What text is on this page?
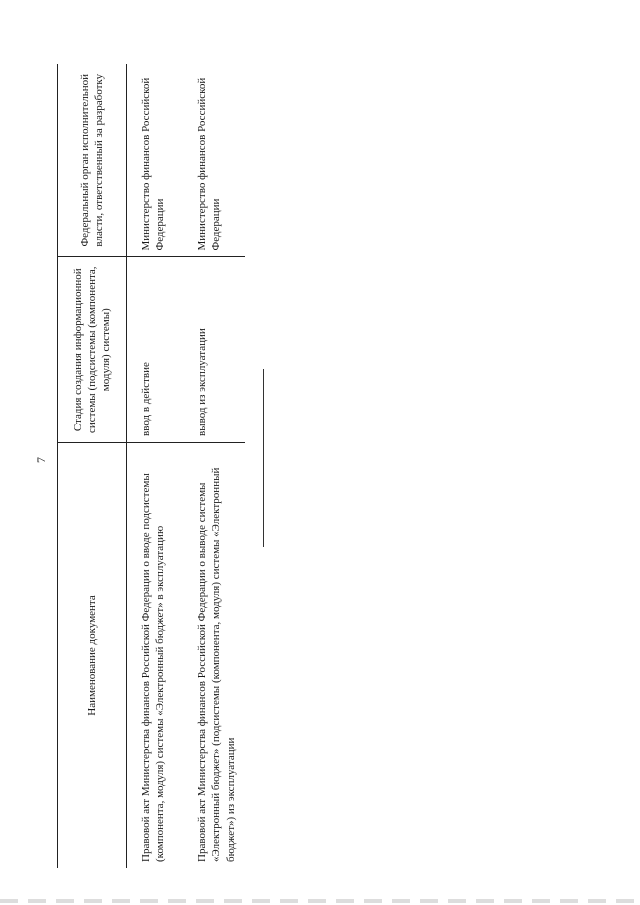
7
Наименование документа	Стадия создания информационной системы (подсистемы (компонента, модуля) системы)	Федеральный орган исполнительной власти, ответственный за разработку
Правовой акт Министерства финансов Российской Федерации о вводе подсистемы (компонента, модуля) системы «Электронный бюджет» в эксплуатацию	ввод в действие	Министерство финансов Российской Федерации
Правовой акт Министерства финансов Российской Федерации о выводе системы «Электронный бюджет» (подсистемы (компонента, модуля) системы «Электронный бюджет») из эксплуатации	вывод из эксплуатации	Министерство финансов Российской Федерации
